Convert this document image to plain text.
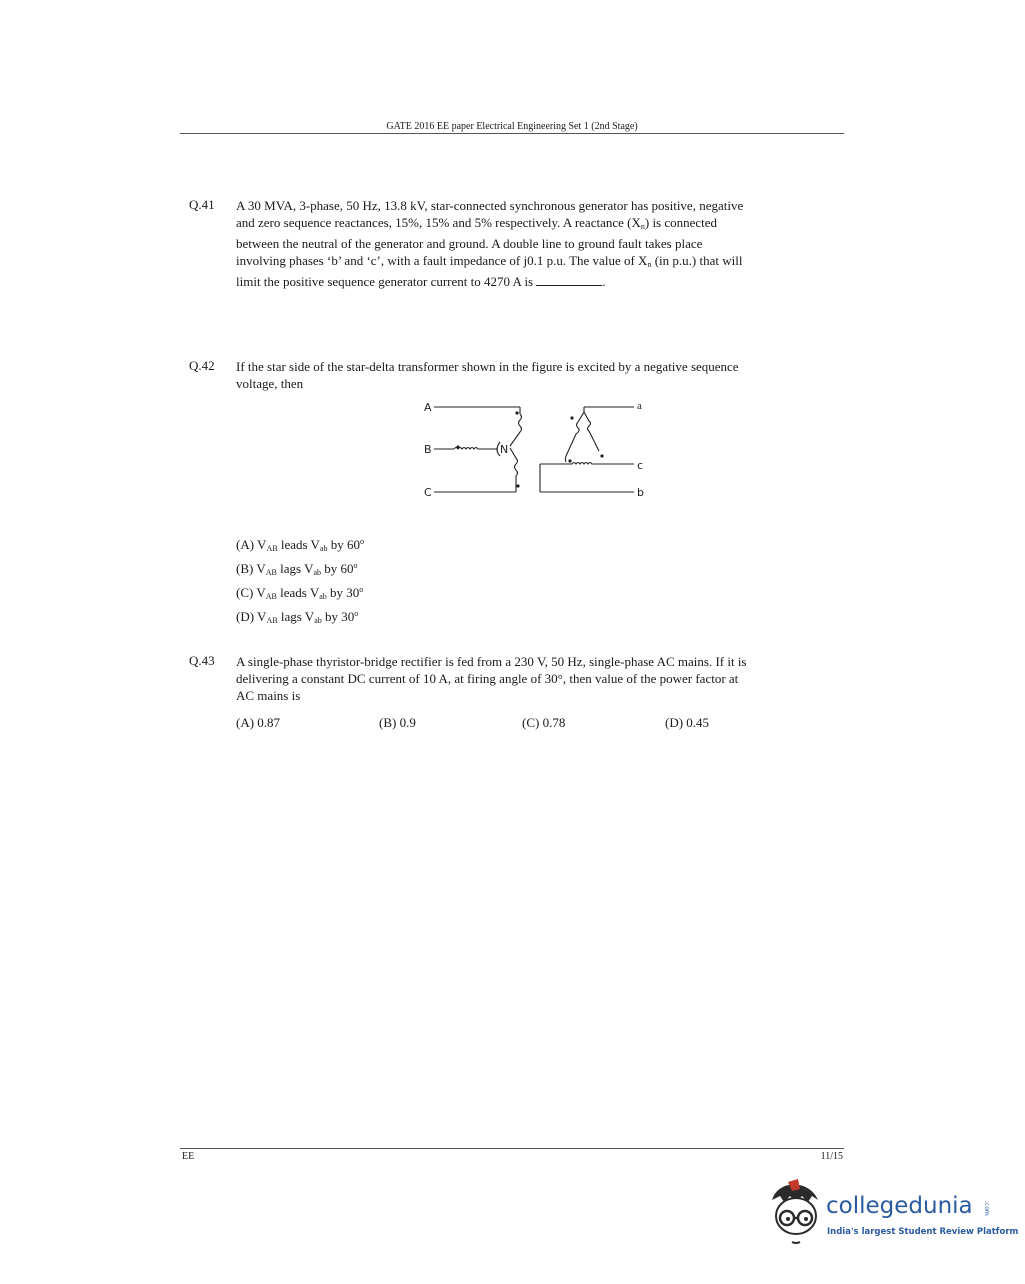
GATE 2016 EE paper Electrical Engineering Set 1 (2nd Stage)
Q.41 A 30 MVA, 3-phase, 50 Hz, 13.8 kV, star-connected synchronous generator has positive, negative
and zero sequence reactances, 15%, 15% and 5% respectively. A reactance $(X_n)$ is connected
between the neutral of the generator and ground. A double line to ground fault takes place
involving phases ‘b’ and ‘c’, with a fault impedance of j0.1 p.u. The value of $X_n$ (in p.u.) that will
limit the positive sequence generator current to 4270 A is	.
Q.42 If the star side of the star-delta transformer shown in the figure is excited by a negative sequence
voltage, then
A
B
C
N
a
c
b
(A) $V_{AB}$ leads $V_{ab}$ by 60$^o$
(B) $V_{AB}$ lags $V_{ab}$ by 60$^o$
(C) $V_{AB}$ leads $V_{ab}$ by 30$^o$
(D) $V_{AB}$ lags $V_{ab}$ by 30$^o$
Q.43 A single-phase thyristor-bridge rectifier is fed from a 230 V, 50 Hz, single-phase AC mains. If it is
delivering a constant DC current of 10 A, at firing angle of 30°, then value of the power factor at
AC mains is
(A) 0.87	(B) 0.9	(C) 0.78	(D) 0.45
EE	11/15
collegedunia .com
India's largest Student Review Platform
